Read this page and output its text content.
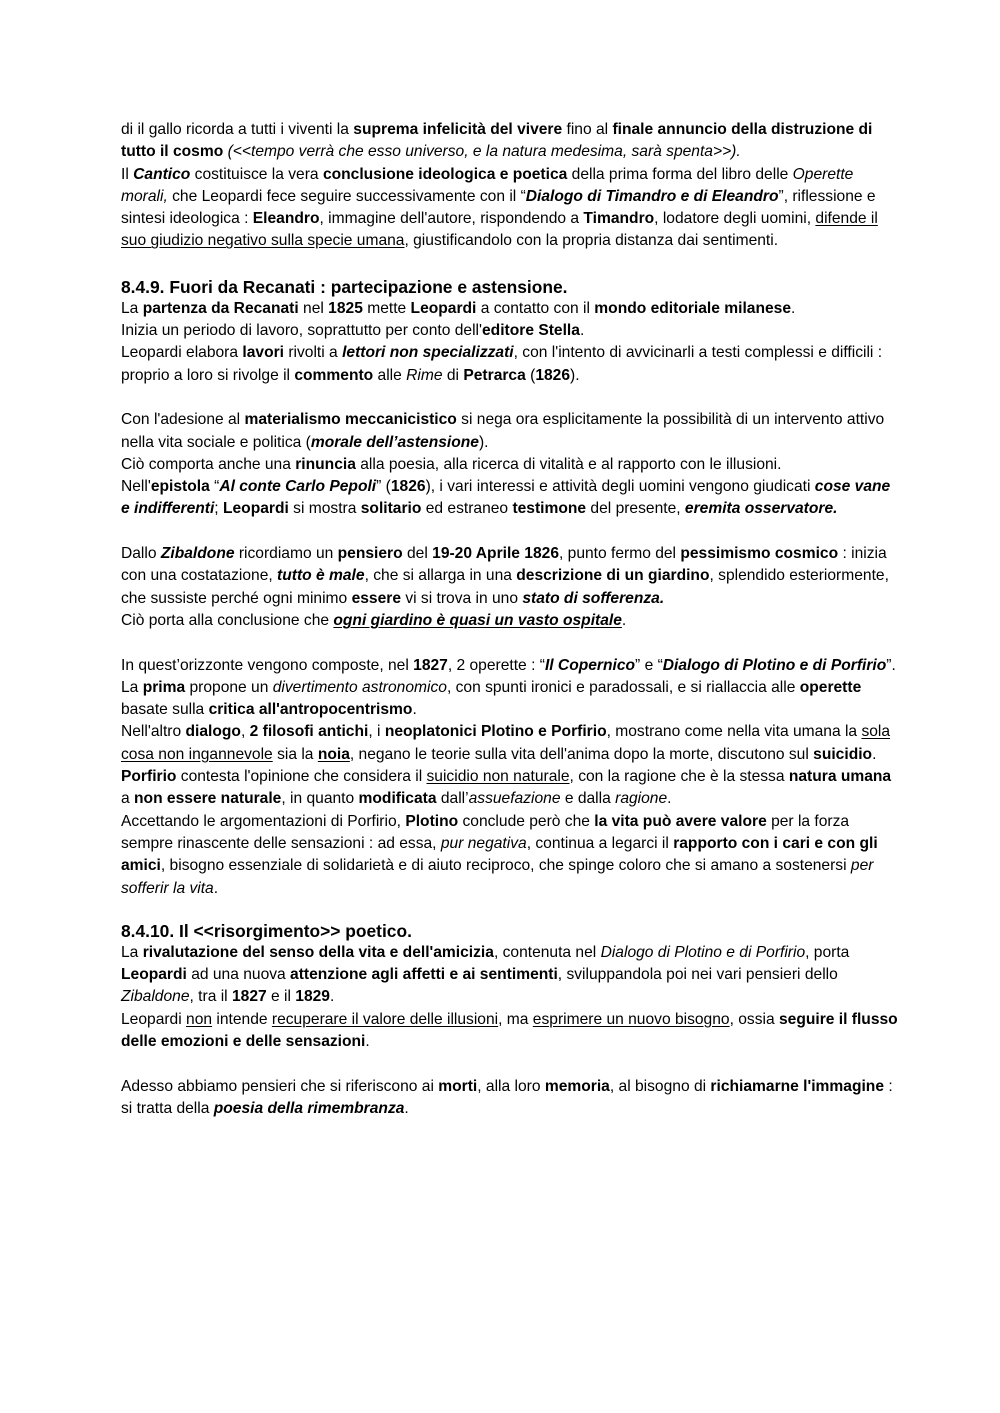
di il gallo ricorda a tutti i viventi la suprema infelicità del vivere fino al finale annuncio della distruzione di tutto il cosmo (<<tempo verrà che esso universo, e la natura medesima, sarà spenta>>).

Il Cantico costituisce la vera conclusione ideologica e poetica della prima forma del libro delle Operette morali, che Leopardi fece seguire successivamente con il “Dialogo di Timandro e di Eleandro”, riflessione e sintesi ideologica : Eleandro, immagine dell'autore, rispondendo a Timandro, lodatore degli uomini, difende il suo giudizio negativo sulla specie umana, giustificandolo con la propria distanza dai sentimenti.

8.4.9. Fuori da Recanati : partecipazione e astensione.

La partenza da Recanati nel 1825 mette Leopardi a contatto con il mondo editoriale milanese.

Inizia un periodo di lavoro, soprattutto per conto dell'editore Stella.

Leopardi elabora lavori rivolti a lettori non specializzati, con l'intento di avvicinarli a testi complessi e difficili : proprio a loro si rivolge il commento alle Rime di Petrarca (1826).

Con l'adesione al materialismo meccanicistico si nega ora esplicitamente la possibilità di un intervento attivo nella vita sociale e politica (morale dell’astensione).

Ciò comporta anche una rinuncia alla poesia, alla ricerca di vitalità e al rapporto con le illusioni.

Nell'epistola “Al conte Carlo Pepoli” (1826), i vari interessi e attività degli uomini vengono giudicati cose vane e indifferenti; Leopardi si mostra solitario ed estraneo testimone del presente, eremita osservatore.

Dallo Zibaldone ricordiamo un pensiero del 19-20 Aprile 1826, punto fermo del pessimismo cosmico : inizia con una costatazione, tutto è male, che si allarga in una descrizione di un giardino, splendido esteriormente, che sussiste perché ogni minimo essere vi si trova in uno stato di sofferenza.

Ciò porta alla conclusione che ogni giardino è quasi un vasto ospitale.

In quest’orizzonte vengono composte, nel 1827, 2 operette : “Il Copernico” e “Dialogo di Plotino e di Porfirio”.

La prima propone un divertimento astronomico, con spunti ironici e paradossali, e si riallaccia alle operette basate sulla critica all'antropocentrismo.

Nell'altro dialogo, 2 filosofi antichi, i neoplatonici Plotino e Porfirio, mostrano come nella vita umana la sola cosa non ingannevole sia la noia, negano le teorie sulla vita dell'anima dopo la morte, discutono sul suicidio.

Porfirio contesta l'opinione che considera il suicidio non naturale, con la ragione che è la stessa natura umana a non essere naturale, in quanto modificata dall’assuefazione e dalla ragione.

Accettando le argomentazioni di Porfirio, Plotino conclude però che la vita può avere valore per la forza sempre rinascente delle sensazioni : ad essa, pur negativa, continua a legarci il rapporto con i cari e con gli amici, bisogno essenziale di solidarietà e di aiuto reciproco, che spinge coloro che si amano a sostenersi per sofferir la vita.

8.4.10. Il <<risorgimento>> poetico.

La rivalutazione del senso della vita e dell'amicizia, contenuta nel Dialogo di Plotino e di Porfirio, porta Leopardi ad una nuova attenzione agli affetti e ai sentimenti, sviluppandola poi nei vari pensieri dello Zibaldone, tra il 1827 e il 1829.

Leopardi non intende recuperare il valore delle illusioni, ma esprimere un nuovo bisogno, ossia seguire il flusso delle emozioni e delle sensazioni.

Adesso abbiamo pensieri che si riferiscono ai morti, alla loro memoria, al bisogno di richiamarne l'immagine : si tratta della poesia della rimembranza.
